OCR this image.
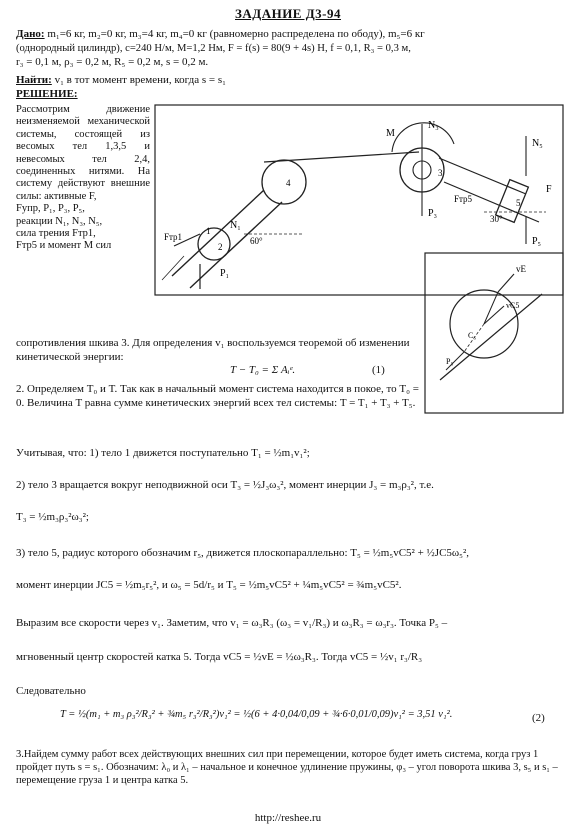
ЗАДАНИЕ Д3-94
Дано: m₁=6 кг, m₂=0 кг, m₃=4 кг, m₄=0 кг (равномерно распределена по ободу), m₅=6 кг
(однородный цилиндр), c=240 Н/м, M=1,2 Нм, F = f(s) = 80(9 + 4s) Н, f = 0,1, R₃ = 0,3 м,
r₃ = 0,1 м, ρ₃ = 0,2 м, R₅ = 0,2 м, s = 0,2 м.
Найти: v₁ в тот момент времени, когда s = s₁
РЕШЕНИЕ:

Рассмотрим движение неизменяемой механической системы, состоящей из весомых тел 1,3,5 и невесомых тел 2,4, соединенных нитями. На систему действуют внешние силы: активные F,

Fупр, P₁, P₃, P₅,

реакции N₁, N₃, N₅,

сила трения Fтр1,

Fтр5 и момент M сил

Fтр1
P₁
N₁
60°
1
2
4
M
N₃
P₃
3
N₅
P₅
F
Fтр5
30°
5
vE
vC5
C₅
P₅

сопротивления шкива 3. Для определения v₁ воспользуемся теоремой об изменении кинетической энергии:

T − T₀ = Σ Aᵢᵉ.	(1)

2. Определяем T₀ и T. Так как в начальный момент система находится в покое, то T₀ = 0. Величина T равна сумме кинетических энергий всех тел системы: T = T₁ + T₃ + T₅.

Учитывая, что: 1) тело 1 движется поступательно T₁ = ½m₁v₁²;

2) тело 3 вращается вокруг неподвижной оси T₃ = ½J₃ω₃², момент инерции J₃ = m₃ρ₃², т.е.

T₃ = ½m₃ρ₃²ω₃²;

3) тело 5, радиус которого обозначим r₅, движется плоскопараллельно: T₅ = ½m₅vC5² + ½JC5ω₅²,

момент инерции JC5 = ½m₅r₅², и ω₅ = 5d/r₅ и T₅ = ½m₅vC5² + ¼m₅vC5² = ¾m₅vC5².

Выразим все скорости через v₁. Заметим, что v₁ = ω₃R₃ (ω₃ = v₁/R₃) и ω₃R₃ = ω₃r₃. Точка P₅ –

мгновенный центр скоростей катка 5. Тогда vC5 = ½vE = ½ω₃R₃. Тогда vC5 = ½v₁ r₃/R₃

Следовательно

T = ½(m₁ + m₃ ρ₃²/R₃² + ¾m₅ r₃²/R₃²)v₁² = ½(6 + 4·0,04/0,09 + ¾·6·0,01/0,09)v₁² = 3,51 v₁².	(2)

3.Найдем сумму работ всех действующих внешних сил при перемещении, которое будет иметь система, когда груз 1 пройдет путь s = s₁. Обозначим: λ₀ и λ₁ – начальное и конечное удлинение пружины, φ₃ – угол поворота шкива 3, s₅ и s₁ – перемещение груза 1 и центра катка 5.

http://reshee.ru
